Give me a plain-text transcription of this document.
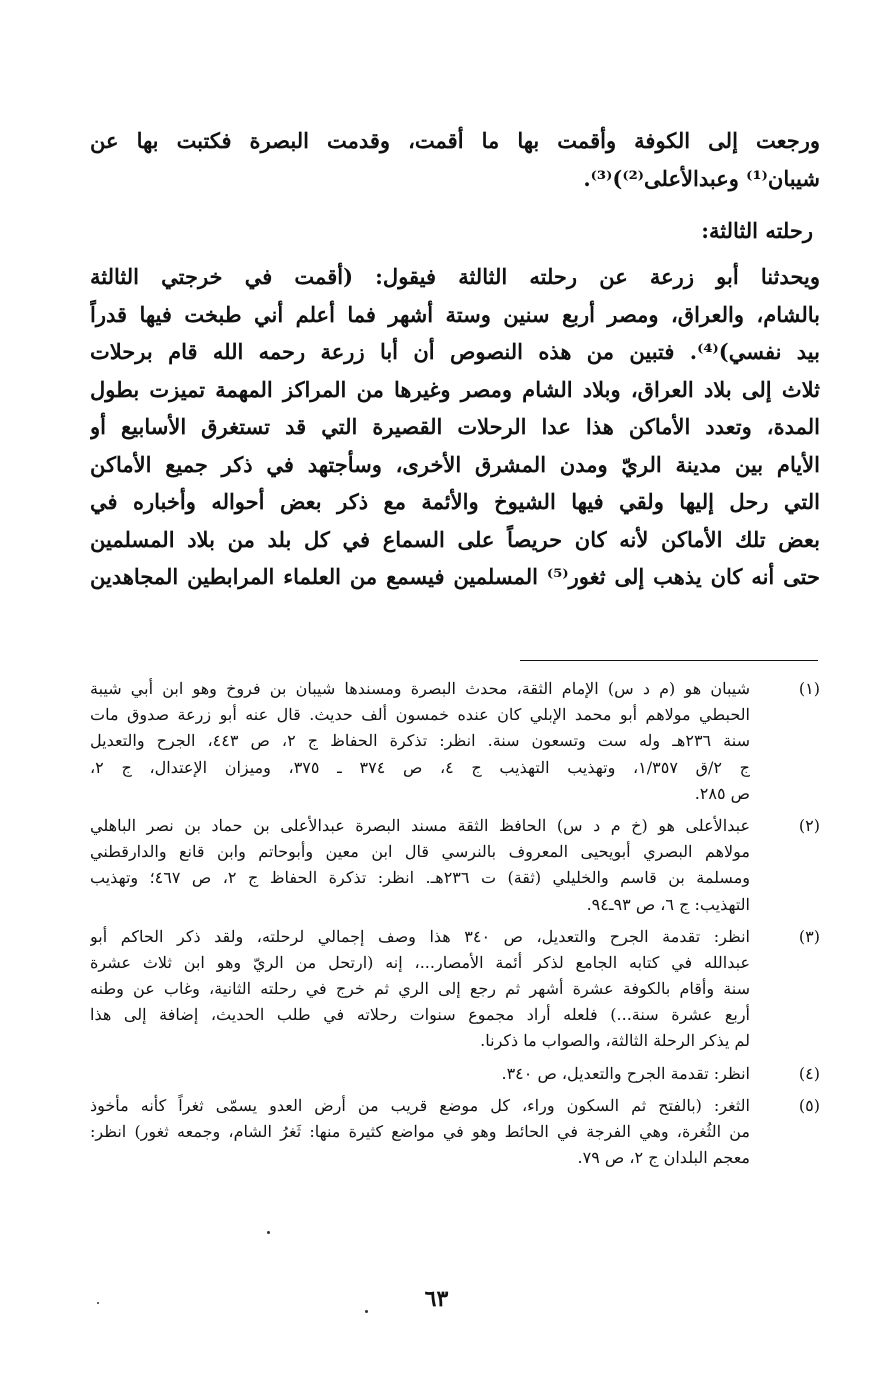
ورجعت إلى الكوفة وأقمت بها ما أقمت، وقدمت البصرة فكتبت بها عن
شيبان⁽¹⁾ وعبدالأعلى⁽²⁾)⁽³⁾.
رحلته الثالثة:
ويحدثنا أبو زرعة عن رحلته الثالثة فيقول: (أقمت في خرجتي الثالثة
بالشام، والعراق، ومصر أربع سنين وستة أشهر فما أعلم أني طبخت فيها قدراً
بيد نفسي)⁽⁴⁾. فتبين من هذه النصوص أن أبا زرعة رحمه الله قام برحلات
ثلاث إلى بلاد العراق، وبلاد الشام ومصر وغيرها من المراكز المهمة تميزت بطول
المدة، وتعدد الأماكن هذا عدا الرحلات القصيرة التي قد تستغرق الأسابيع أو
الأيام بين مدينة الريّ ومدن المشرق الأخرى، وسأجتهد في ذكر جميع الأماكن
التي رحل إليها ولقي فيها الشيوخ والأئمة مع ذكر بعض أحواله وأخباره في
بعض تلك الأماكن لأنه كان حريصاً على السماع في كل بلد من بلاد المسلمين
حتى أنه كان يذهب إلى ثغور⁽⁵⁾ المسلمين فيسمع من العلماء المرابطين المجاهدين
(١)
شيبان هو (م د س) الإمام الثقة، محدث البصرة ومسندها شيبان بن فروخ وهو ابن أبي شيبة
الحبطي مولاهم أبو محمد الإبلي كان عنده خمسون ألف حديث. قال عنه أبو زرعة صدوق مات
سنة ٢٣٦هـ وله ست وتسعون سنة. انظر: تذكرة الحفاظ ج ٢، ص ٤٤٣، الجرح والتعديل
ج ٢/ق ١/٣٥٧، وتهذيب التهذيب ج ٤، ص ٣٧٤ ـ ٣٧٥، وميزان الإعتدال، ج ٢،
ص ٢٨٥.
(٢)
عبدالأعلى هو (خ م د س) الحافظ الثقة مسند البصرة عبدالأعلى بن حماد بن نصر الباهلي
مولاهم البصري أبويحيى المعروف بالنرسي قال ابن معين وأبوحاتم وابن قانع والدارقطني
ومسلمة بن قاسم والخليلي (ثقة) ت ٢٣٦هـ. انظر: تذكرة الحفاظ ج ٢، ص ٤٦٧؛ وتهذيب
التهذيب: ج ٦، ص ٩٣ـ٩٤.
(٣)
انظر: تقدمة الجرح والتعديل، ص ٣٤٠ هذا وصف إجمالي لرحلته، ولقد ذكر الحاكم أبو
عبدالله في كتابه الجامع لذكر أئمة الأمصار...، إنه (ارتحل من الريّ وهو ابن ثلاث عشرة
سنة وأقام بالكوفة عشرة أشهر ثم رجع إلى الري ثم خرج في رحلته الثانية، وغاب عن وطنه
أربع عشرة سنة...) فلعله أراد مجموع سنوات رحلاته في طلب الحديث، إضافة إلى هذا
لم يذكر الرحلة الثالثة، والصواب ما ذكرنا.
(٤)
انظر: تقدمة الجرح والتعديل، ص ٣٤٠.
(٥)
الثغر: (بالفتح ثم السكون وراء، كل موضع قريب من أرض العدو يسمّى ثغراً كأنه مأخوذ
من الثُغرة، وهي الفرجة في الحائط وهو في مواضع كثيرة منها: ثَغرُ الشام، وجمعه ثغور) انظر:
معجم البلدان ج ٢، ص ٧٩.
٦٣
